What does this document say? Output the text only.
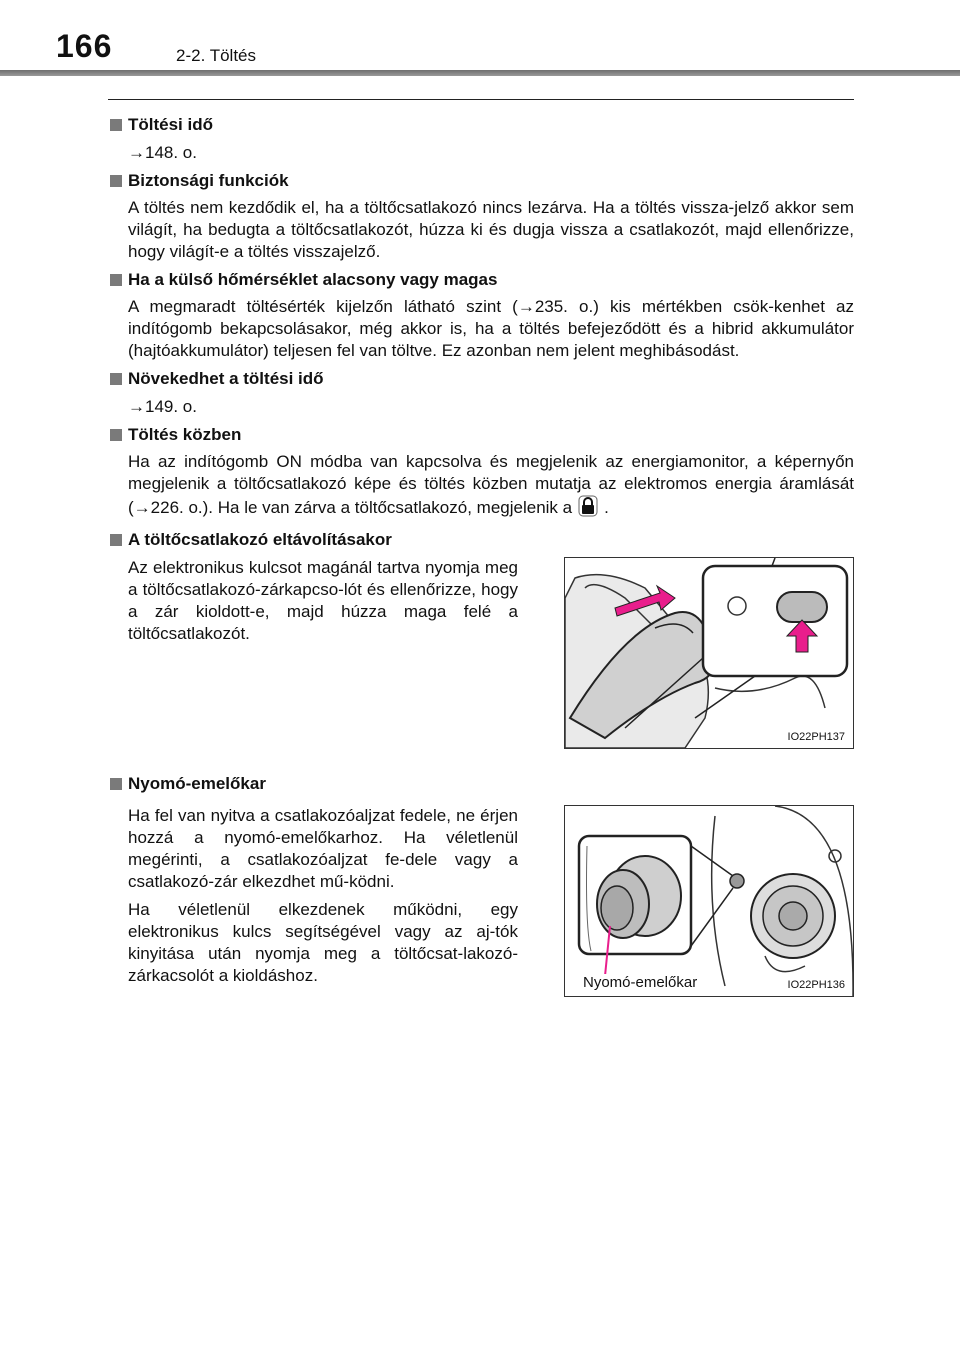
166	2-2. Töltés
Töltési idő
→148. o.
Biztonsági funkciók
A töltés nem kezdődik el, ha a töltőcsatlakozó nincs lezárva. Ha a töltés vissza-jelző akkor sem világít, ha bedugta a töltőcsatlakozót, húzza ki és dugja vissza a csatlakozót, majd ellenőrizze, hogy világít-e a töltés visszajelző.
Ha a külső hőmérséklet alacsony vagy magas
A megmaradt töltésérték kijelzőn látható szint (→235. o.) kis mértékben csök-kenhet az indítógomb bekapcsolásakor, még akkor is, ha a töltés befejeződött és a hibrid akkumulátor (hajtóakkumulátor) teljesen fel van töltve. Ez azonban nem jelent meghibásodást.
Növekedhet a töltési idő
→149. o.
Töltés közben
Ha az indítógomb ON módba van kapcsolva és megjelenik az energiamonitor, a képernyőn megjelenik a töltőcsatlakozó képe és töltés közben mutatja az elektromos energia áramlását (→226. o.). Ha le van zárva a töltőcsatlakozó, megjelenik a .
A töltőcsatlakozó eltávolításakor

Az elektronikus kulcsot magánál tartva nyomja meg a töltőcsatlakozó-zárkapcso-lót és ellenőrizze, hogy a zár kioldott-e, majd húzza maga felé a töltőcsatlakozót.

IO22PH137
Nyomó-emelőkar

Ha fel van nyitva a csatlakozóaljzat fedele, ne érjen hozzá a nyomó-emelőkarhoz. Ha véletlenül megérinti, a csatlakozóaljzat fe-dele vagy a csatlakozó-zár elkezdhet mű-ködni.

Ha véletlenül elkezdenek működni, egy elektronikus kulcs segítségével vagy az aj-tók kinyitása után nyomja meg a töltőcsat-lakozó-zárkacsolót a kioldáshoz.	Nyomó-emelőkar	IO22PH136
